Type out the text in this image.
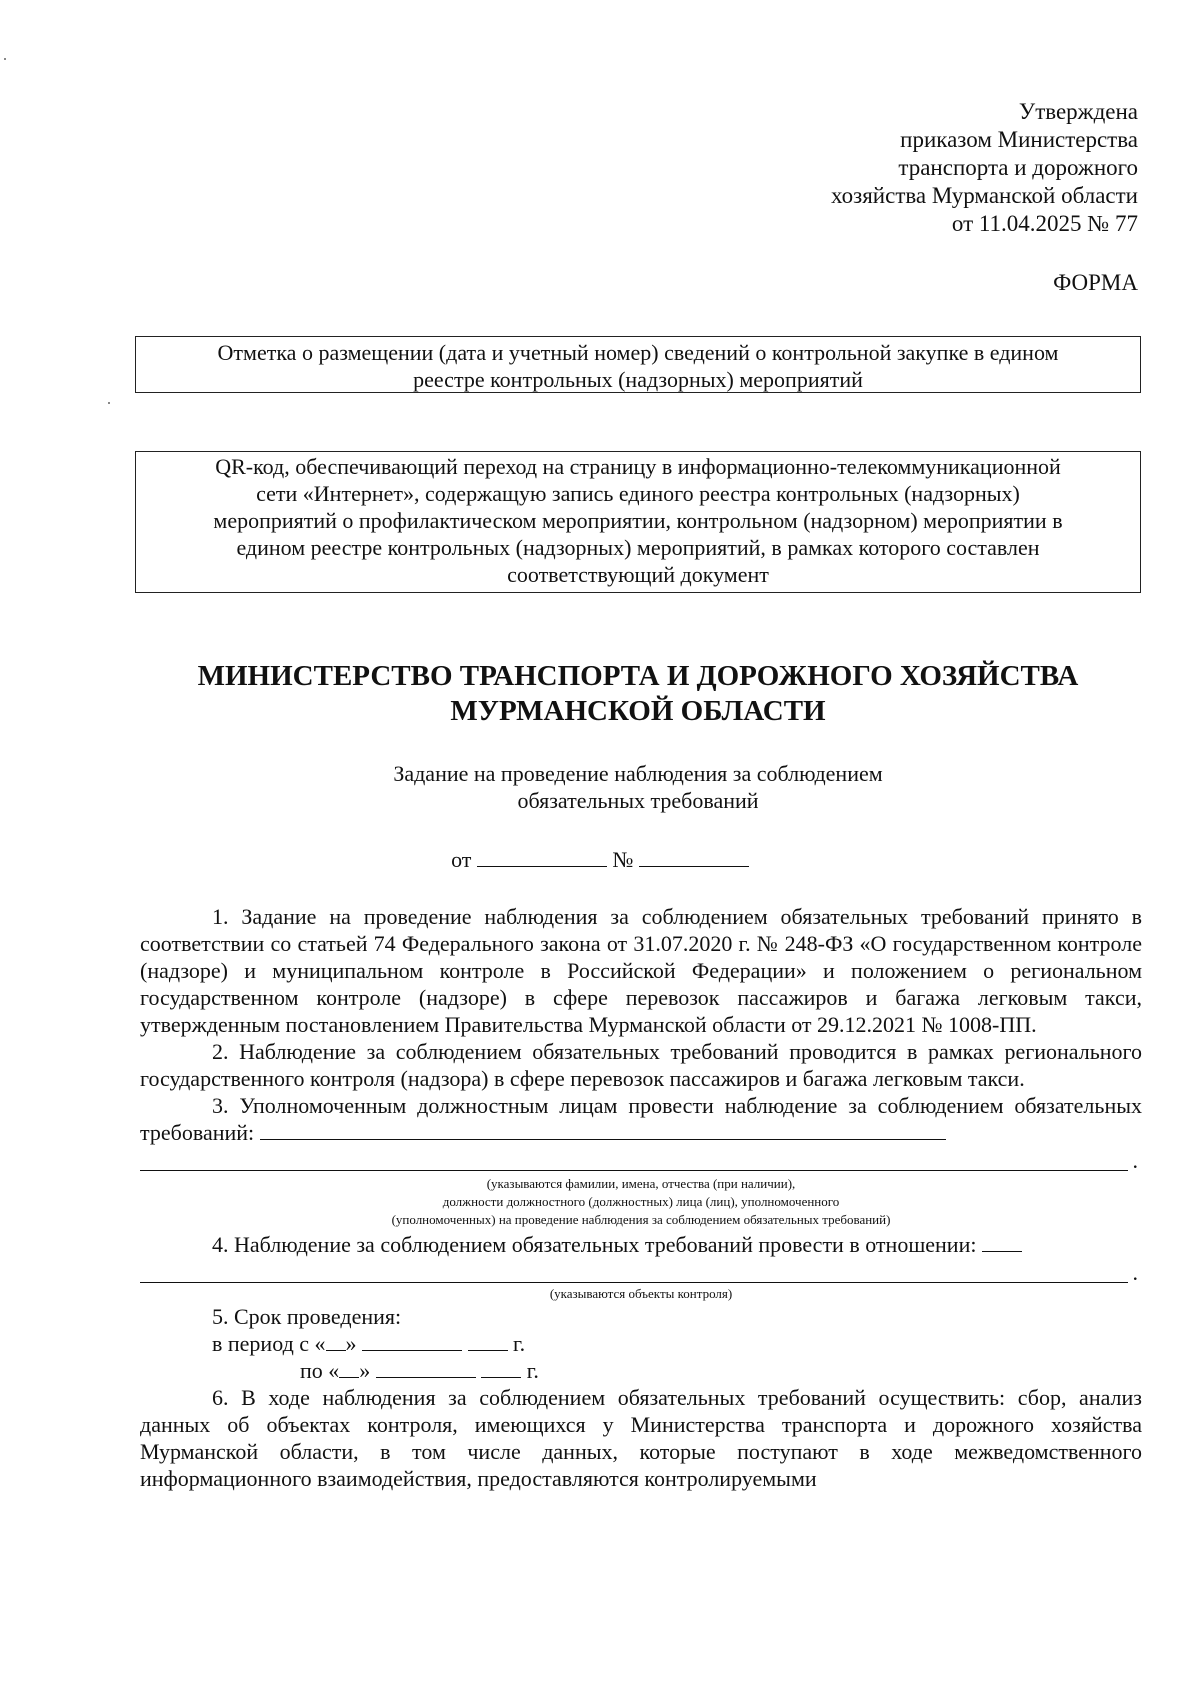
Утверждена
приказом Министерства
транспорта и дорожного
хозяйства Мурманской области
от 11.04.2025 № 77
ФОРМА
Отметка о размещении (дата и учетный номер) сведений о контрольной закупке в едином
реестре контрольных (надзорных) мероприятий
QR-код, обеспечивающий переход на страницу в информационно-телекоммуникационной
сети «Интернет», содержащую запись единого реестра контрольных (надзорных)
мероприятий о профилактическом мероприятии, контрольном (надзорном) мероприятии в
едином реестре контрольных (надзорных) мероприятий, в рамках которого составлен
соответствующий документ
МИНИСТЕРСТВО ТРАНСПОРТА И ДОРОЖНОГО ХОЗЯЙСТВА
МУРМАНСКОЙ ОБЛАСТИ
Задание на проведение наблюдения за соблюдением
обязательных требований
от	№

1. Задание на проведение наблюдения за соблюдением обязательных требований принято в соответствии со статьей 74 Федерального закона от 31.07.2020 г. № 248-ФЗ «О государственном контроле (надзоре) и муниципальном контроле в Российской Федерации» и положением о региональном государственном контроле (надзоре) в сфере перевозок пассажиров и багажа легковым такси, утвержденным постановлением Правительства Мурманской области от 29.12.2021 № 1008-ПП.

2. Наблюдение за соблюдением обязательных требований проводится в рамках регионального государственного контроля (надзора) в сфере перевозок пассажиров и багажа легковым такси.

3. Уполномоченным должностным лицам провести наблюдение за соблюдением обязательных требований:

.
(указываются фамилии, имена, отчества (при наличии),
должности должностного (должностных) лица (лиц), уполномоченного
(уполномоченных) на проведение наблюдения за соблюдением обязательных требований)
4. Наблюдение за соблюдением обязательных требований провести в отношении:
.
(указываются объекты контроля)
5. Срок проведения:
в период с « »	г.
по « »	г.

6. В ходе наблюдения за соблюдением обязательных требований осуществить: сбор, анализ данных об объектах контроля, имеющихся у Министерства транспорта и дорожного хозяйства Мурманской области, в том числе данных, которые поступают в ходе межведомственного информационного взаимодействия, предоставляются контролируемыми
